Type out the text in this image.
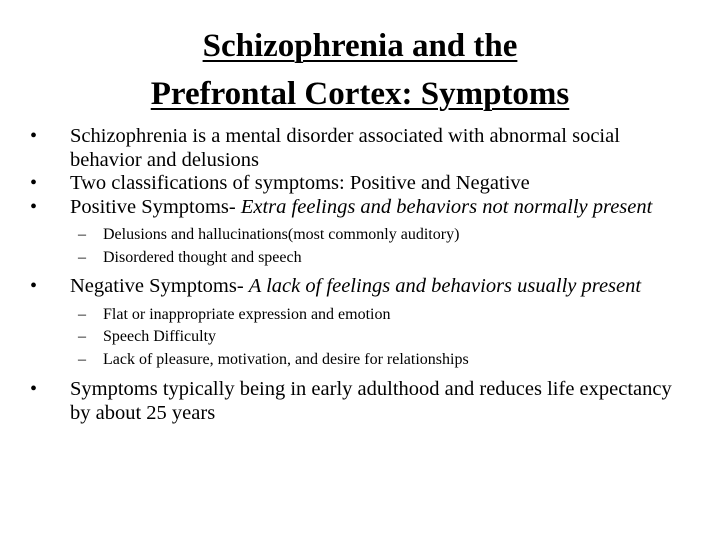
Schizophrenia and the
Prefrontal Cortex: Symptoms
• Schizophrenia is a mental disorder associated with abnormal social behavior and delusions
• Two classifications of symptoms: Positive and Negative
• Positive Symptoms- Extra feelings and behaviors not normally present
– Delusions and hallucinations(most commonly auditory)
– Disordered thought and speech
• Negative Symptoms- A lack of feelings and behaviors usually present
– Flat or inappropriate expression and emotion
– Speech Difficulty
– Lack of pleasure, motivation, and desire for relationships
• Symptoms typically being in early adulthood and reduces life expectancy by about 25 years
